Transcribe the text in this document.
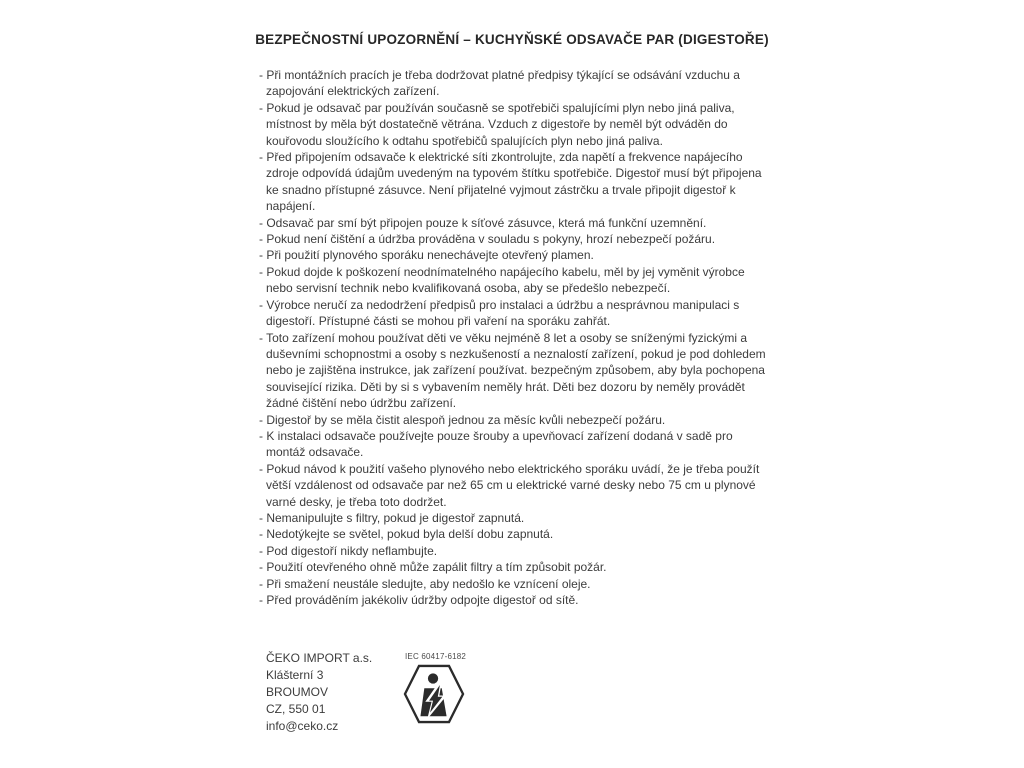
BEZPEČNOSTNÍ UPOZORNĚNÍ – KUCHYŇSKÉ ODSAVAČE PAR (DIGESTOŘE)

- Při montážních pracích je třeba dodržovat platné předpisy týkající se odsávání vzduchu a zapojování elektrických zařízení.

- Pokud je odsavač par používán současně se spotřebiči spalujícími plyn nebo jiná paliva, místnost by měla být dostatečně větrána. Vzduch z digestoře by neměl být odváděn do kouřovodu sloužícího k odtahu spotřebičů spalujících plyn nebo jiná paliva.

- Před připojením odsavače k elektrické síti zkontrolujte, zda napětí a frekvence napájecího zdroje odpovídá údajům uvedeným na typovém štítku spotřebiče. Digestoř musí být připojena ke snadno přístupné zásuvce. Není přijatelné vyjmout zástrčku a trvale připojit digestoř k napájení.

- Odsavač par smí být připojen pouze k síťové zásuvce, která má funkční uzemnění.

- Pokud není čištění a údržba prováděna v souladu s pokyny, hrozí nebezpečí požáru.

- Při použití plynového sporáku nenechávejte otevřený plamen.

- Pokud dojde k poškození neodnímatelného napájecího kabelu, měl by jej vyměnit výrobce nebo servisní technik nebo kvalifikovaná osoba, aby se předešlo nebezpečí.

- Výrobce neručí za nedodržení předpisů pro instalaci a údržbu a nesprávnou manipulaci s digestoří. Přístupné části se mohou při vaření na sporáku zahřát.

- Toto zařízení mohou používat děti ve věku nejméně 8 let a osoby se sníženými fyzickými a duševními schopnostmi a osoby s nezkušeností a neznalostí zařízení, pokud je pod dohledem nebo je zajištěna instrukce, jak zařízení používat. bezpečným způsobem, aby byla pochopena související rizika. Děti by si s vybavením neměly hrát. Děti bez dozoru by neměly provádět žádné čištění nebo údržbu zařízení.

- Digestoř by se měla čistit alespoň jednou za měsíc kvůli nebezpečí požáru.

- K instalaci odsavače používejte pouze šrouby a upevňovací zařízení dodaná v sadě pro montáž odsavače.

- Pokud návod k použití vašeho plynového nebo elektrického sporáku uvádí, že je třeba použít větší vzdálenost od odsavače par než 65 cm u elektrické varné desky nebo 75 cm u plynové varné desky, je třeba toto dodržet.

- Nemanipulujte s filtry, pokud je digestoř zapnutá.

- Nedotýkejte se světel, pokud byla delší dobu zapnutá.

- Pod digestoří nikdy neflambujte.

- Použití otevřeného ohně může zapálit filtry a tím způsobit požár.

- Při smažení neustále sledujte, aby nedošlo ke vznícení oleje.

- Před prováděním jakékoliv údržby odpojte digestoř od sítě.

ČEKO IMPORT a.s.
Klášterní 3
BROUMOV
CZ, 550 01
info@ceko.cz
IEC 60417-6182
